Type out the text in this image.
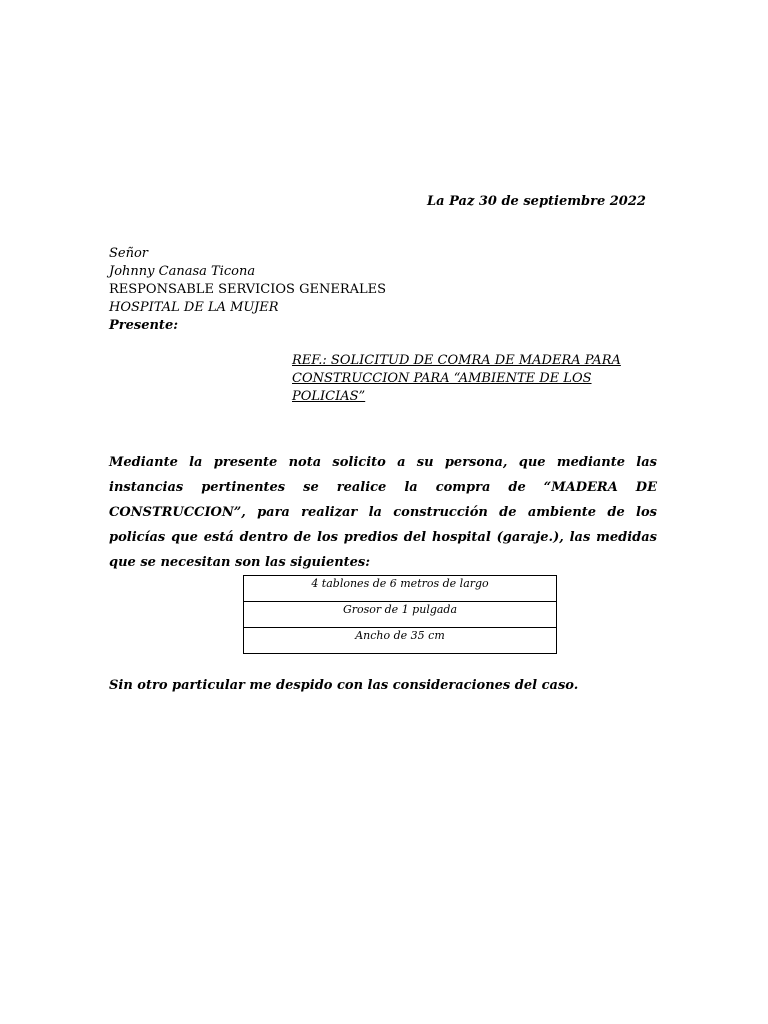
La Paz 30 de septiembre 2022
Señor
Johnny Canasa Ticona
RESPONSABLE SERVICIOS GENERALES
HOSPITAL DE LA MUJER
Presente:
REF.: SOLICITUD DE COMRA DE MADERA PARA
CONSTRUCCION PARA “AMBIENTE DE LOS
POLICIAS”
Mediante la presente nota solicito a su persona, que mediante las instancias pertinentes se realice la compra de “MADERA DE CONSTRUCCION”, para realizar la construcción de ambiente de los policías que está dentro de los predios del hospital (garaje.), las medidas que se necesitan son las siguientes:
4 tablones de 6 metros de largo
Grosor de 1 pulgada
Ancho de 35 cm
Sin otro particular me despido con las consideraciones del caso.
